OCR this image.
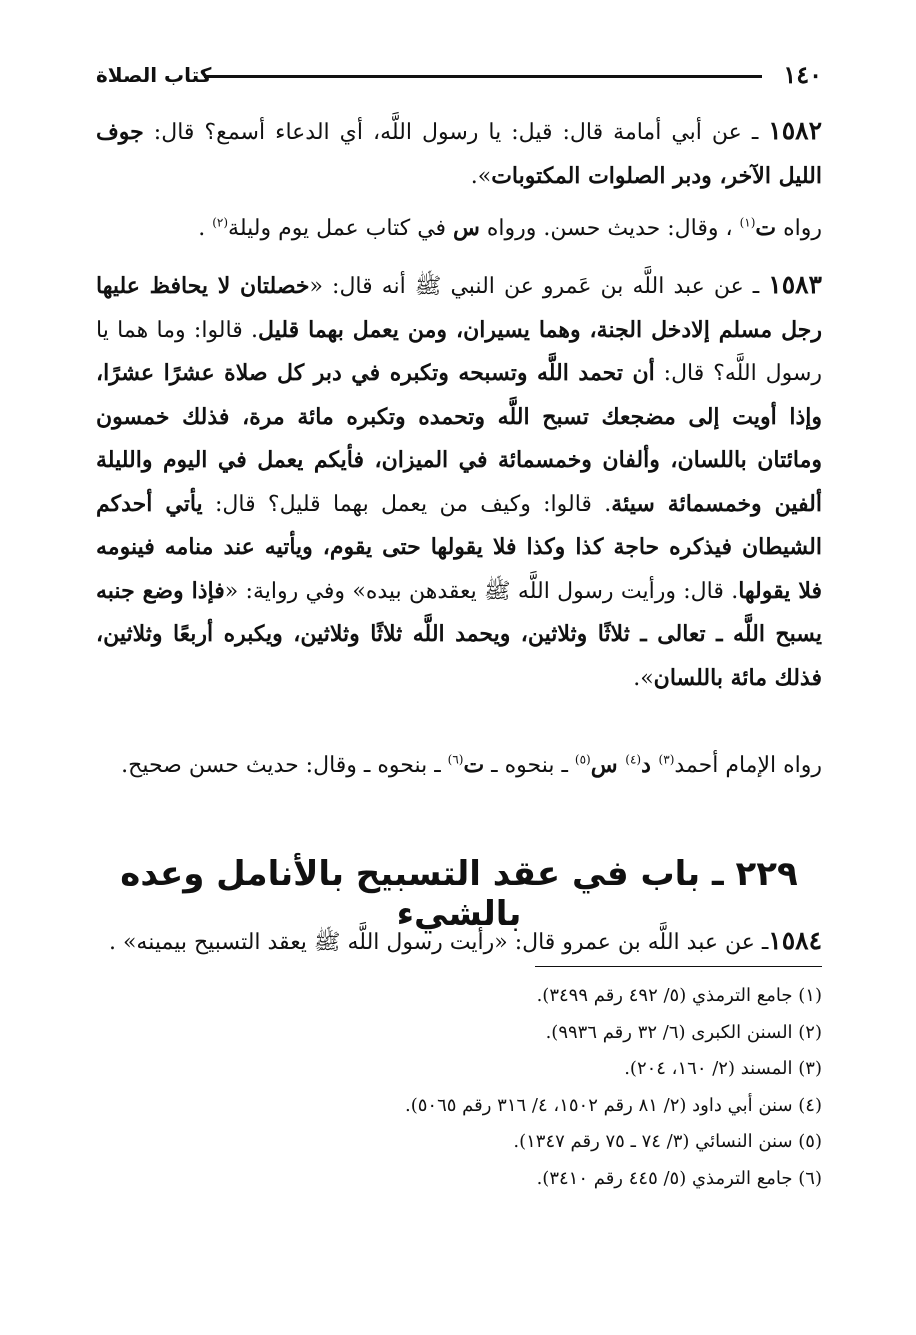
١٤٠
كتاب الصلاة
١٥٨٢ ـ عن أبي أمامة قال: قيل: يا رسول اللَّه، أي الدعاء أسمع؟ قال: جوف الليل الآخر، ودبر الصلوات المكتوبات».
رواه ت$^{(١)}$ ، وقال: حديث حسن. ورواه س في كتاب عمل يوم وليلة$^{(٢)}$ .
١٥٨٣ ـ عن عبد اللَّه بن عَمرو عن النبي ﷺ أنه قال: «خصلتان لا يحافظ عليها رجل مسلم إلادخل الجنة، وهما يسيران، ومن يعمل بهما قليل. قالوا: وما هما يا رسول اللَّه؟ قال: أن تحمد اللَّه وتسبحه وتكبره في دبر كل صلاة عشرًا عشرًا، وإذا أويت إلى مضجعك تسبح اللَّه وتحمده وتكبره مائة مرة، فذلك خمسون ومائتان باللسان، وألفان وخمسمائة في الميزان، فأيكم يعمل في اليوم والليلة ألفين وخمسمائة سيئة. قالوا: وكيف من يعمل بهما قليل؟ قال: يأتي أحدكم الشيطان فيذكره حاجة كذا وكذا فلا يقولها حتى يقوم، ويأتيه عند منامه فينومه فلا يقولها. قال: ورأيت رسول اللَّه ﷺ يعقدهن بيده» وفي رواية: «فإذا وضع جنبه يسبح اللَّه ـ تعالى ـ ثلاثًا وثلاثين، ويحمد اللَّه ثلاثًا وثلاثين، ويكبره أربعًا وثلاثين، فذلك مائة باللسان».
رواه الإمام أحمد$^{(٣)}$ د$^{(٤)}$ س$^{(٥)}$ ـ بنحوه ـ ت$^{(٦)}$ ـ بنحوه ـ وقال: حديث حسن صحيح.
٢٢٩ ـ باب في عقد التسبيح بالأنامل وعده بالشيء
١٥٨٤ـ عن عبد اللَّه بن عمرو قال: «رأيت رسول اللَّه ﷺ يعقد التسبيح بيمينه» .
(١) جامع الترمذي (٥/ ٤٩٢ رقم ٣٤٩٩).
(٢) السنن الكبرى (٦/ ٣٢ رقم ٩٩٣٦).
(٣) المسند (٢/ ١٦٠، ٢٠٤).
(٤) سنن أبي داود (٢/ ٨١ رقم ١٥٠٢، ٤/ ٣١٦ رقم ٥٠٦٥).
(٥) سنن النسائي (٣/ ٧٤ ـ ٧٥ رقم ١٣٤٧).
(٦) جامع الترمذي (٥/ ٤٤٥ رقم ٣٤١٠).
